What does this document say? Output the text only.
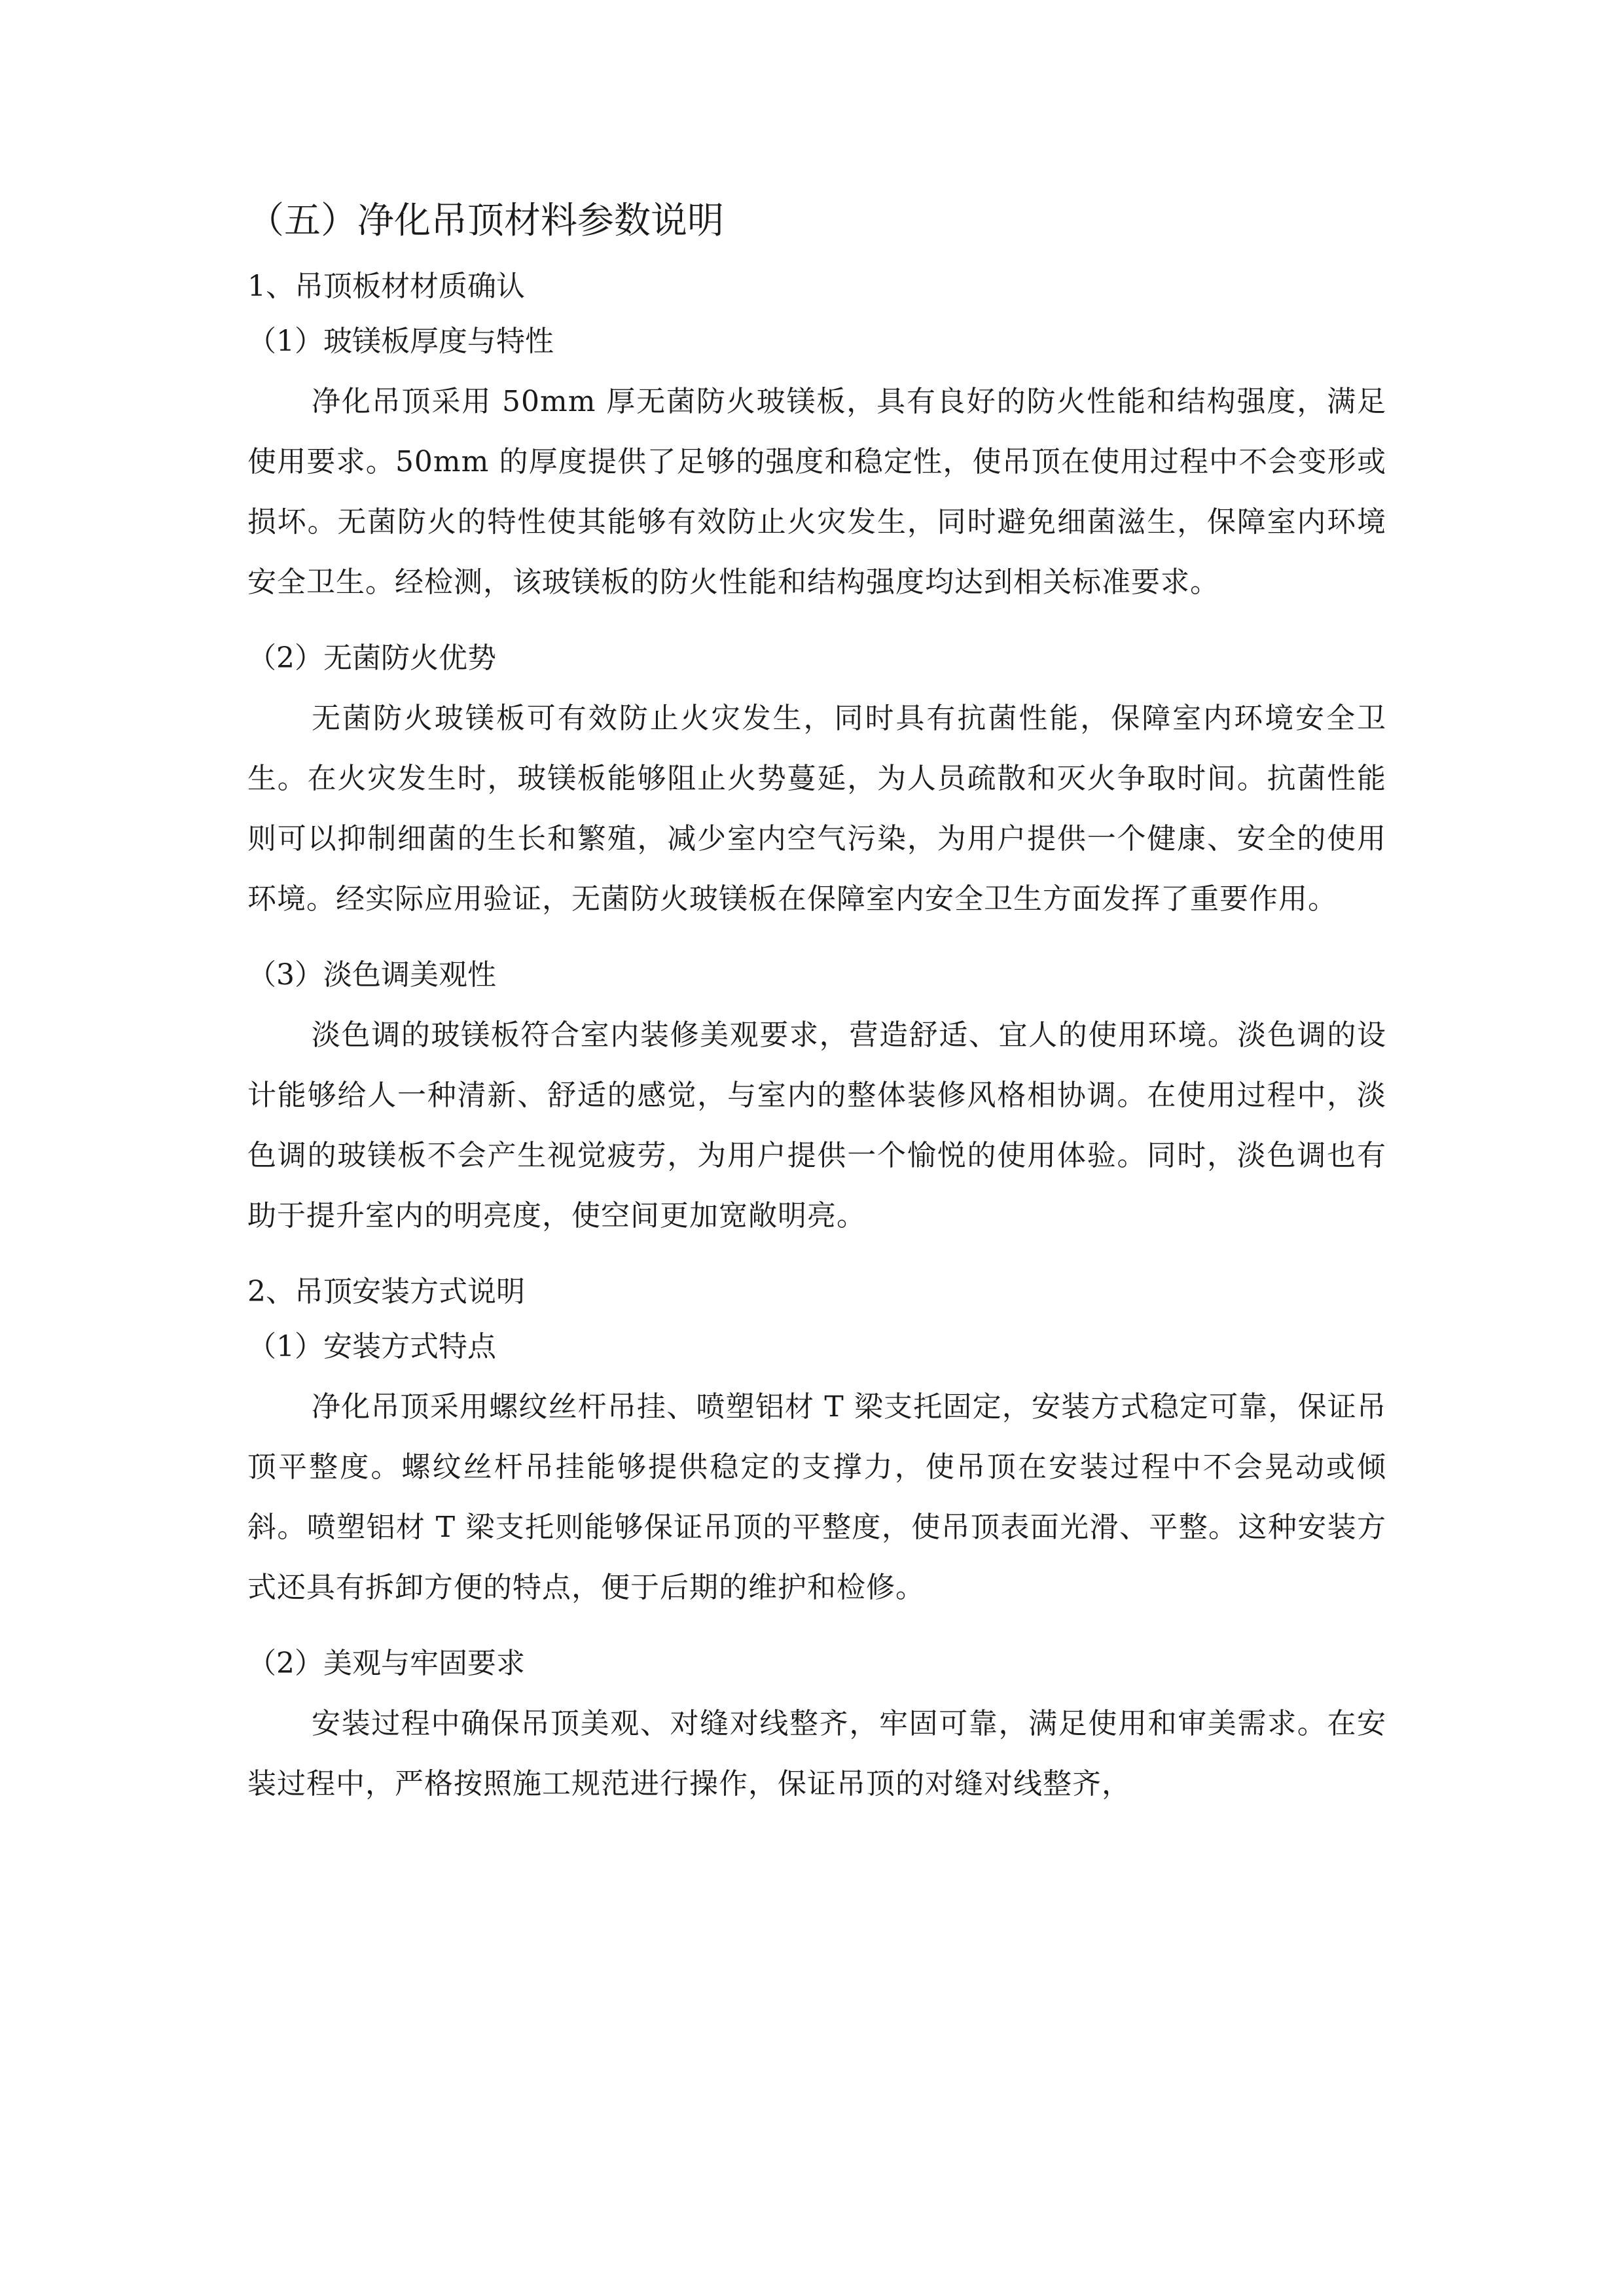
（五）净化吊顶材料参数说明
1、吊顶板材材质确认
（1）玻镁板厚度与特性

净化吊顶采用 50mm 厚无菌防火玻镁板，具有良好的防火性能和结构强度，满足使用要求。50mm 的厚度提供了足够的强度和稳定性，使吊顶在使用过程中不会变形或损坏。无菌防火的特性使其能够有效防止火灾发生，同时避免细菌滋生，保障室内环境安全卫生。经检测，该玻镁板的防火性能和结构强度均达到相关标准要求。

（2）无菌防火优势

无菌防火玻镁板可有效防止火灾发生，同时具有抗菌性能，保障室内环境安全卫生。在火灾发生时，玻镁板能够阻止火势蔓延，为人员疏散和灭火争取时间。抗菌性能则可以抑制细菌的生长和繁殖，减少室内空气污染，为用户提供一个健康、安全的使用环境。经实际应用验证，无菌防火玻镁板在保障室内安全卫生方面发挥了重要作用。

（3）淡色调美观性

淡色调的玻镁板符合室内装修美观要求，营造舒适、宜人的使用环境。淡色调的设计能够给人一种清新、舒适的感觉，与室内的整体装修风格相协调。在使用过程中，淡色调的玻镁板不会产生视觉疲劳，为用户提供一个愉悦的使用体验。同时，淡色调也有助于提升室内的明亮度，使空间更加宽敞明亮。

2、吊顶安装方式说明
（1）安装方式特点

净化吊顶采用螺纹丝杆吊挂、喷塑铝材 T 梁支托固定，安装方式稳定可靠，保证吊顶平整度。螺纹丝杆吊挂能够提供稳定的支撑力，使吊顶在安装过程中不会晃动或倾斜。喷塑铝材 T 梁支托则能够保证吊顶的平整度，使吊顶表面光滑、平整。这种安装方式还具有拆卸方便的特点，便于后期的维护和检修。

（2）美观与牢固要求

安装过程中确保吊顶美观、对缝对线整齐，牢固可靠，满足使用和审美需求。在安装过程中，严格按照施工规范进行操作，保证吊顶的对缝对线整齐，
